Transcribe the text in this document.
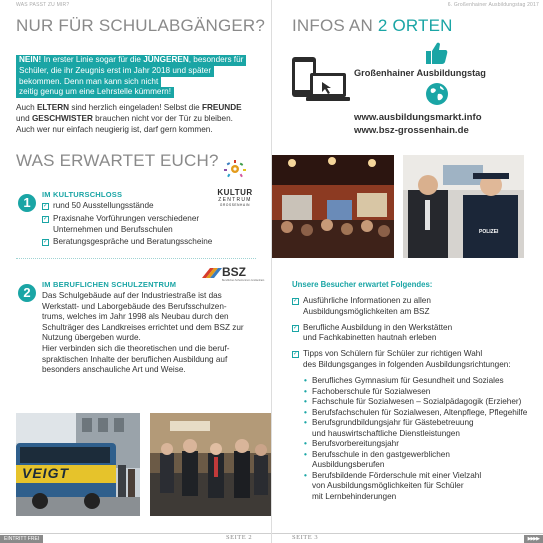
WAS PASST ZU MIR?
NUR FÜR SCHULABGÄNGER?
NEIN! In erster Linie sogar für die JÜNGEREN, besonders für
Schüler, die ihr Zeugnis erst im Jahr 2018 und später
bekommen. Denn man kann sich nicht
zeitig genug um eine Lehrstelle kümmern!
Auch ELTERN sind herzlich eingeladen! Selbst die FREUNDE
und GESCHWISTER brauchen nicht vor der Tür zu bleiben.
Auch wer nur einfach neugierig ist, darf gern kommen.
WAS ERWARTET EUCH?
KULTUR
ZENTRUM
GROSSENHAIN
1
IM KULTURSCHLOSS
✓ rund 50 Ausstellungsstände
✓ Praxisnahe Vorführungen verschiedener Unternehmen und Berufsschulen
✓ Beratungsgespräche und Beratungsscheine
BSZ
Berufliches Schulzentrum Großenhain
2
IM BERUFLICHEN SCHULZENTRUM
Das Schulgebäude auf der Industriestraße ist das
Werkstatt- und Laborgebäude des Berufsschulzen-
trums, welches im Jahr 1998 als Neubau durch den
Schulträger des Landkreises errichtet und dem BSZ zur
Nutzung übergeben wurde.
Hier verbinden sich die theoretischen und die beruf-
spraktischen Inhalte der beruflichen Ausbildung auf
besonders anschauliche Art und Weise.
VEIGT
EINTRITT FREI	SEITE 2
6. Großenhainer Ausbildungstag 2017
INFOS AN 2 ORTEN
Großenhainer Ausbildungstag
www.ausbildungsmarkt.info
www.bsz-grossenhain.de
POLIZEI
Unsere Besucher erwartet Folgendes:
✓ Ausführliche Informationen zu allen
Ausbildungsmöglichkeiten am BSZ
✓ Berufliche Ausbildung in den Werkstätten
und Fachkabinetten hautnah erleben
✓ Tipps von Schülern für Schüler zur richtigen Wahl
des Bildungsganges in folgenden Ausbildungsrichtungen:
• Berufliches Gymnasium für Gesundheit und Soziales
• Fachoberschule für Sozialwesen
• Fachschule für Sozialwesen – Sozialpädagogik (Erzieher)
• Berufsfachschulen für Sozialwesen, Altenpflege, Pflegehilfe
• Berufsgrundbildungsjahr für Gästebetreuung
und hauswirtschaftliche Dienstleistungen
• Berufsvorbereitungsjahr
• Berufsschule in den gastgewerblichen
Ausbildungsberufen
• Berufsbildende Förderschule mit einer Vielzahl
von Ausbildungsmöglichkeiten für Schüler
mit Lernbehinderungen
▶▶▶▶
SEITE 3
